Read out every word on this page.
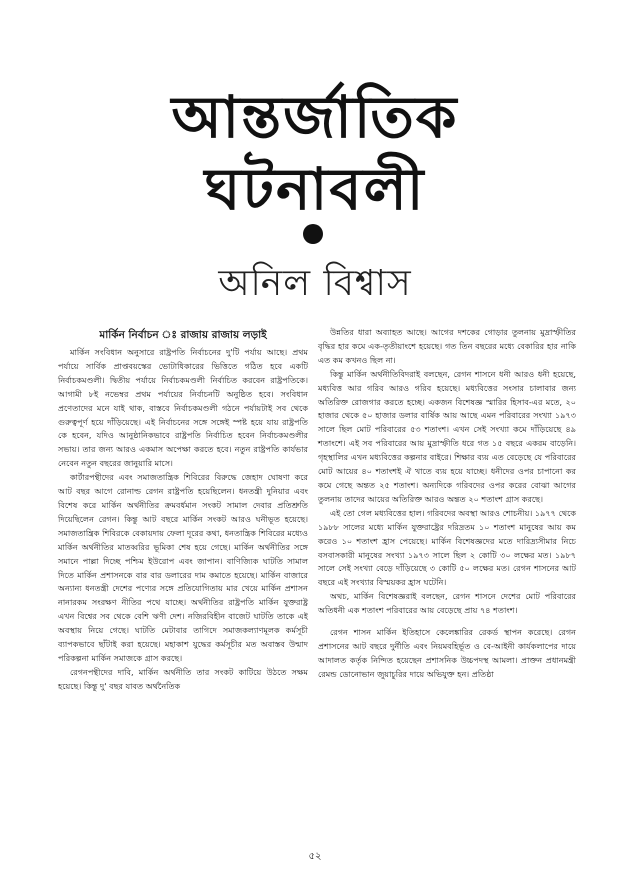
আন্তর্জাতিক
ঘটনাবলী
অনিল বিশ্বাস
মার্কিন নির্বাচন ঃ রাজায় রাজায় লড়াই

মার্কিন সংবিধান অনুসারে রাষ্ট্রপতি নির্বাচনের দু'টি পর্যায় আছে। প্রথম পর্যায়ে সার্বিক প্রাপ্তবয়স্কের ভোটাধিকারের ভিত্তিতে গঠিত হবে একটি নির্বাচকমণ্ডলী। দ্বিতীয় পর্যায়ে নির্বাচকমণ্ডলী নির্বাচিত করবেন রাষ্ট্রপতিকে। আগামী ৮ই নভেম্বর প্রথম পর্যায়ের নির্বাচনটি অনুষ্ঠিত হবে। সংবিধান প্রণেতাদের মনে যাই থাক, বাস্তবে নির্বাচকমণ্ডলী গঠনে পর্যায়টাই সব থেকে গুরুত্বপূর্ণ হয়ে দাঁড়িয়েছে। এই নির্বাচনের সঙ্গে সঙ্গেই স্পষ্ট হয়ে যায় রাষ্ট্রপতি কে হবেন, যদিও আনুষ্ঠানিকভাবে রাষ্ট্রপতি নির্বাচিত হবেন নির্বাচকমণ্ডলীর সভায়। তার জন্য আরও একমাস অপেক্ষা করতে হবে। নতুন রাষ্ট্রপতি কার্যভার নেবেন নতুন বছরের জানুয়ারি মাসে।

কার্টারপন্থীদের এবং সমাজতান্ত্রিক শিবিরের বিরুদ্ধে জেহাদ ঘোষণা করে আট বছর আগে রোনাল্ড রেগন রাষ্ট্রপতি হয়েছিলেন। ধনতন্ত্রী দুনিয়ার এবং বিশেষ করে মার্কিন অর্থনীতির ক্রমবর্ধমান সংকট সামাল দেবার প্রতিশ্রুতি দিয়েছিলেন রেগন। কিন্তু আট বছরে মার্কিন সংকট আরও ঘনীভূত হয়েছে। সমাজতান্ত্রিক শিবিরকে বেকায়দায় ফেলা দূরের কথা, ধনতান্ত্রিক শিবিরের মধ্যেও মার্কিন অর্থনীতির মাতব্বরির ভূমিকা শেষ হয়ে গেছে। মার্কিন অর্থনীতির সঙ্গে সমানে পাল্লা দিচ্ছে পশ্চিম ইউরোপ এবং জাপান। বাণিজ্যিক ঘাটতি সামাল দিতে মার্কিন প্রশাসনকে বার বার ডলারের দাম কমাতে হয়েছে। মার্কিন বাজারে অন্যান্য ধনতন্ত্রী দেশের পণ্যের সঙ্গে প্রতিযোগিতায় মার খেয়ে মার্কিন প্রশাসন নানারকম সংরক্ষণ নীতির পথে যাচ্ছে। অর্থনীতির রাষ্ট্রপতি মার্কিন যুক্তরাষ্ট্র এখন বিশ্বের সব থেকে বেশি ঋণী দেশ। নজিরবিহীন বাজেট ঘাটতি তাকে এই অবস্থায় নিয়ে গেছে। ঘাটতি মেটাবার তাগিদে সমাজকল্যাণমূলক কর্মসূচী ব্যাপকভাবে ছাঁটাই করা হয়েছে। মহাকাশ যুদ্ধের কর্মসূচীর মত অবাস্তব উন্মাদ পরিকল্পনা মার্কিন সমাজকে গ্রাস করছে।

রেগনপন্থীদের দাবি, মার্কিন অর্থনীতি তার সংকট কাটিয়ে উঠতে সক্ষম হয়েছে। কিন্তু দু' বছর যাবত অর্থনৈতিক

উন্নতির ধারা অব্যাহত আছে। আগের দশকের গোড়ার তুলনায় মুদ্রাস্ফীতির বৃদ্ধির হার কমে এক-তৃতীয়াংশে হয়েছে। গত তিন বছরের মধ্যে বেকারির হার নাকি এত কম কখনও ছিল না।

কিন্তু মার্কিন অর্থনীতিবিদরাই বলছেন, রেগন শাসনে ধনী আরও ধনী হয়েছে, মধ্যবিত্ত আর গরিব আরও গরিব হয়েছে। মধ্যবিত্তের সংসার চালাবার জন্য অতিরিক্ত রোজগার করতে হচ্ছে। একজন বিশেষজ্ঞ স্মারির হিসাব-এর মতে, ২০ হাজার থেকে ৫০ হাজার ডলার বার্ষিক আয় আছে এমন পরিবারের সংখ্যা ১৯৭৩ সালে ছিল মোট পরিবারের ৫৩ শতাংশ। এখন সেই সংখ্যা কমে দাঁড়িয়েছে ৪৯ শতাংশে। এই সব পরিবারের আয় মুদ্রাস্ফীতি ধরে গত ১৫ বছরে একরম বাড়েনি। গৃহস্থালির এখন মধ্যবিত্তের কল্পনার বাইরে। শিক্ষার ব্যয় এত বেড়েছে যে পরিবারের মোট আয়ের ৪০ শতাংশই ঐ খাতে ব্যয় হয়ে যাচ্ছে। ধনীদের ওপর চাপানো কর কমে গেছে অন্তত ২৫ শতাংশ। অন্যদিকে গরিবদের ওপর করের বোঝা আগের তুলনায় তাদের আয়ের অতিরিক্ত আরও অন্তত ২০ শতাংশ গ্রাস করছে।

এই তো গেল মধ্যবিত্তের হাল। গরিবদের অবস্থা আরও শোচনীয়। ১৯৭৭ থেকে ১৯৮৮ সালের মধ্যে মার্কিন যুক্তরাষ্ট্রের দরিদ্রতম ১০ শতাংশ মানুষের আয় কম করেও ১০ শতাংশ হ্রাস পেয়েছে। মার্কিন বিশেষজ্ঞদের মতে দারিদ্র্যসীমার নিচে বসবাসকারী মানুষের সংখ্যা ১৯৭৩ সালে ছিল ২ কোটি ৩০ লক্ষের মত। ১৯৮৭ সালে সেই সংখ্যা বেড়ে দাঁড়িয়েছে ৩ কোটি ৫০ লক্ষের মত। রেগন শাসনের আট বছরে এই সংখ্যার বিস্ময়কর হ্রাস ঘটেনি।

অথচ, মার্কিন বিশেষজ্ঞরাই বলছেন, রেগন শাসনে দেশের মোট পরিবারের অতিধনী এক শতাংশ পরিবারের আয় বেড়েছে প্রায় ৭৪ শতাংশ।

রেগন শাসন মার্কিন ইতিহাসে কেলেঙ্কারির রেকর্ড স্থাপন করেছে। রেগন প্রশাসনের আট বছরে দুর্নীতি এবং নিয়মবহির্ভূত ও বে-আইনী কার্যকলাপের দায়ে আদালত কর্তৃক নিন্দিত হয়েছেন প্রশাসনিক উচ্চপদস্থ আমলা। প্রাক্তন প্রধানমন্ত্রী রেমন্ড ডোনোভান জুয়াচুরির দায়ে অভিযুক্ত হন। প্রতিষ্ঠা

৫২
